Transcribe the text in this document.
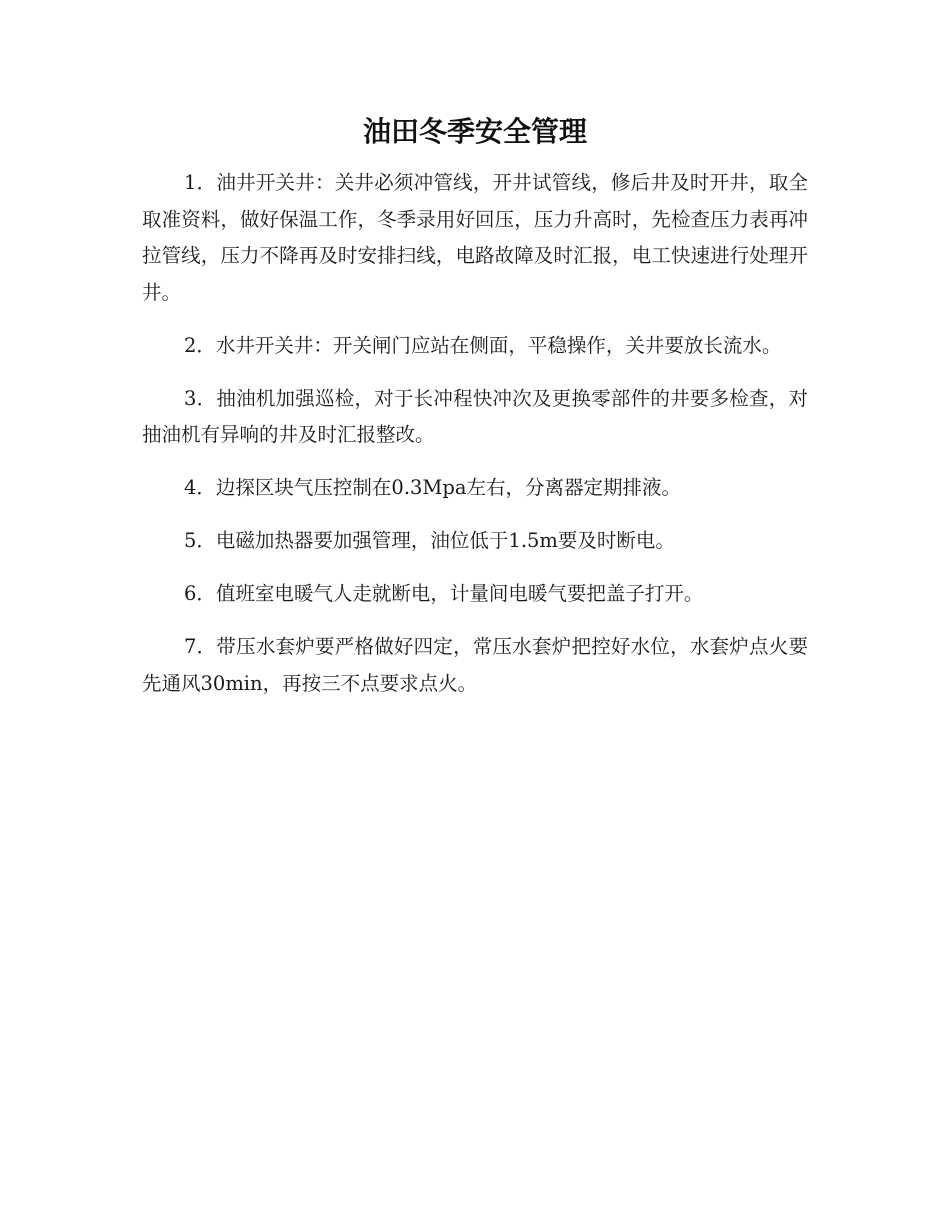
油田冬季安全管理

1．油井开关井：关井必须冲管线，开井试管线，修后井及时开井，取全取准资料，做好保温工作，冬季录用好回压，压力升高时，先检查压力表再冲拉管线，压力不降再及时安排扫线，电路故障及时汇报，电工快速进行处理开井。

2．水井开关井：开关闸门应站在侧面，平稳操作，关井要放长流水。

3．抽油机加强巡检，对于长冲程快冲次及更换零部件的井要多检查，对抽油机有异响的井及时汇报整改。

4．边探区块气压控制在0.3Mpa左右，分离器定期排液。

5．电磁加热器要加强管理，油位低于1.5m要及时断电。

6．值班室电暖气人走就断电，计量间电暖气要把盖子打开。

7．带压水套炉要严格做好四定，常压水套炉把控好水位，水套炉点火要先通风30min，再按三不点要求点火。
